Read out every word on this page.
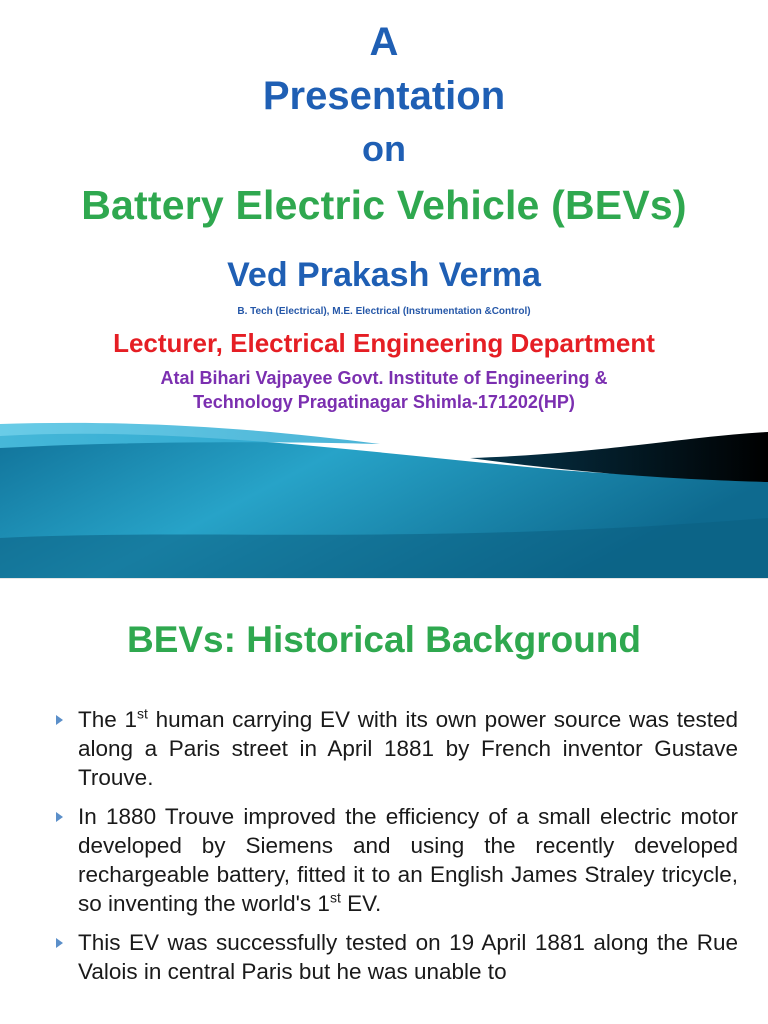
A
Presentation
on
Battery Electric Vehicle (BEVs)
Ved Prakash Verma
B. Tech (Electrical), M.E. Electrical (Instrumentation &Control)
Lecturer, Electrical Engineering Department
Atal Bihari Vajpayee Govt. Institute of Engineering &
Technology Pragatinagar Shimla-171202(HP)
BEVs: Historical Background
The 1st human carrying EV with its own power source was tested along a Paris street in April 1881 by French inventor Gustave Trouve.
In 1880 Trouve improved the efficiency of a small electric motor developed by Siemens and using the recently developed rechargeable battery, fitted it to an English James Straley tricycle, so inventing the world's 1st EV.
This EV was successfully tested on 19 April 1881 along the Rue Valois in central Paris but he was unable to
